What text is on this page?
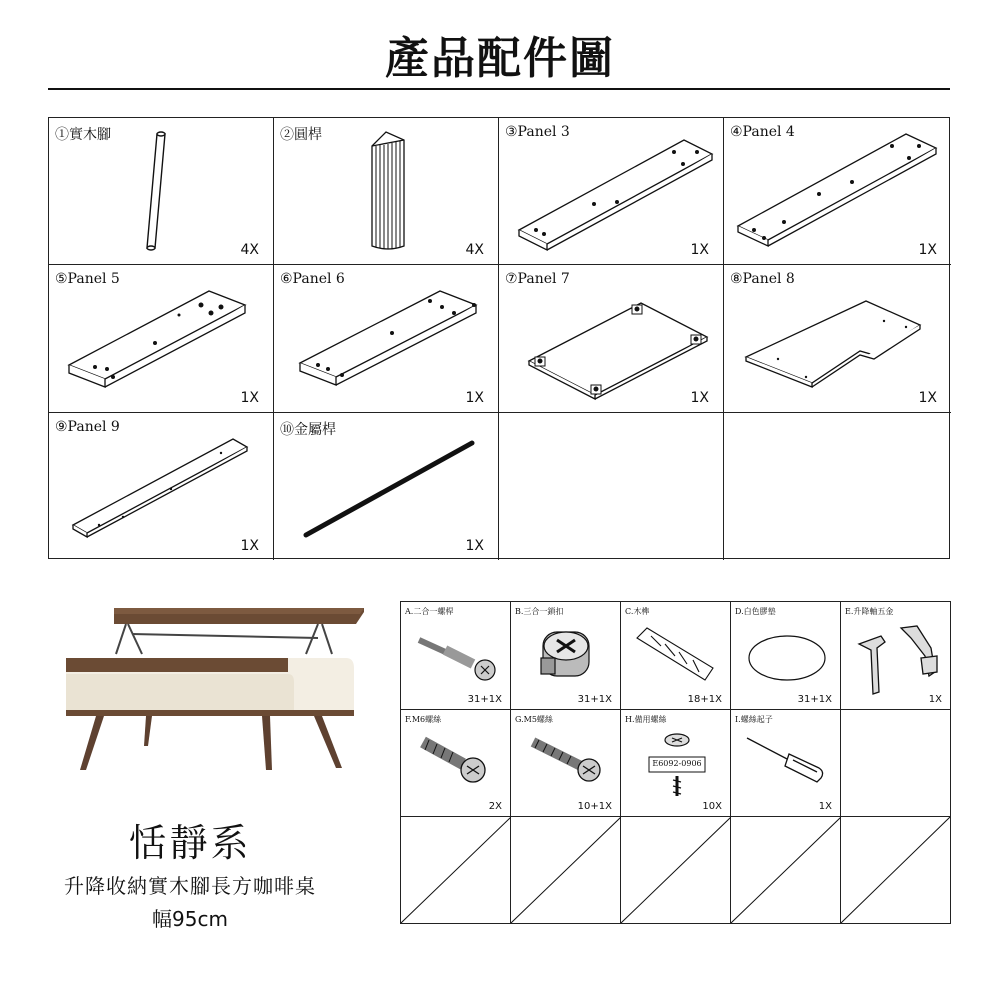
產品配件圖
①實木腳
4X
②圓桿
4X
③Panel 3
1X
④Panel 4
1X
⑤Panel 5
1X
⑥Panel 6
1X
⑦Panel 7
1X
⑧Panel 8
1X
⑨Panel 9
1X
⑩金屬桿
1X
恬靜系
升降收納實木腳長方咖啡桌
幅95cm
A.二合一螺桿
31+1X
B.三合一鎖扣
31+1X
C.木榫
18+1X
D.白色膠墊
31+1X
E.升降軸五金
1X
F.M6螺絲
2X
G.M5螺絲
10+1X
H.備用螺絲
E6092-0906
10X
I.螺絲起子
1X
